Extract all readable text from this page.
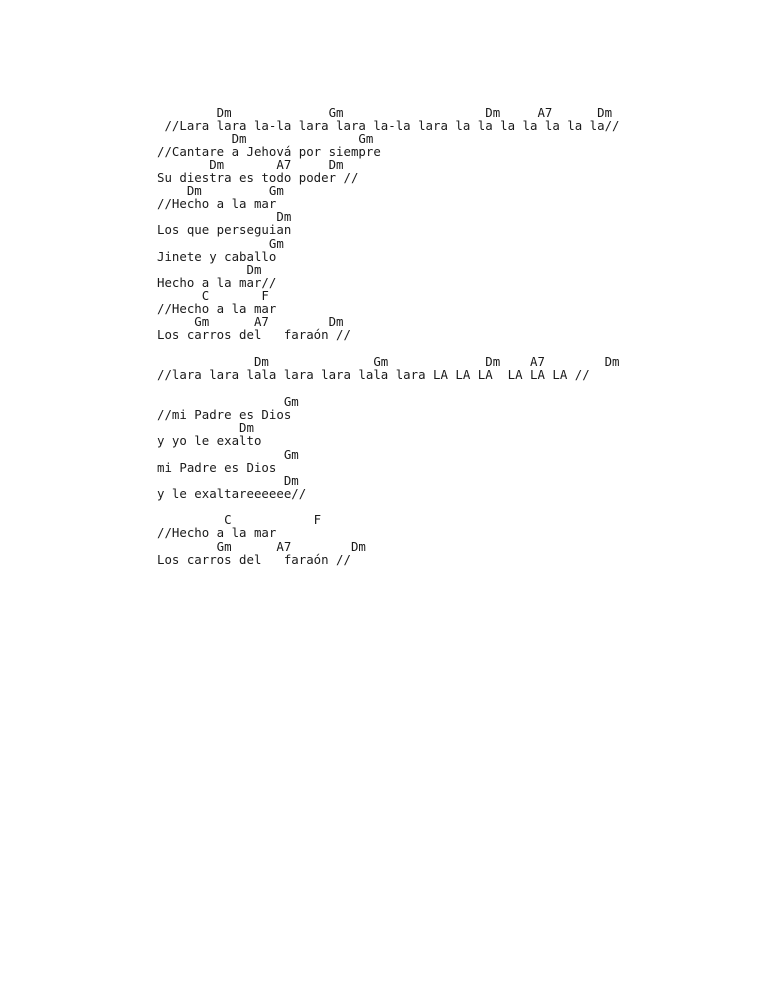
Dm             Gm                   Dm     A7      Dm
//Lara lara la-la lara lara la-la lara la la la la la la la//
Dm               Gm
//Cantare a Jehová por siempre
Dm       A7     Dm
Su diestra es todo poder //
Dm         Gm
//Hecho a la mar
Dm
Los que perseguian
Gm
Jinete y caballo
Dm
Hecho a la mar//
C       F
//Hecho a la mar
Gm      A7        Dm
Los carros del   faraón //
Dm              Gm             Dm    A7        Dm
//lara lara lala lara lara lala lara LA LA LA  LA LA LA //
Gm
//mi Padre es Dios
Dm
y yo le exalto
Gm
mi Padre es Dios
Dm
y le exaltareeeeee//
C           F
//Hecho a la mar
Gm      A7        Dm
Los carros del   faraón //
